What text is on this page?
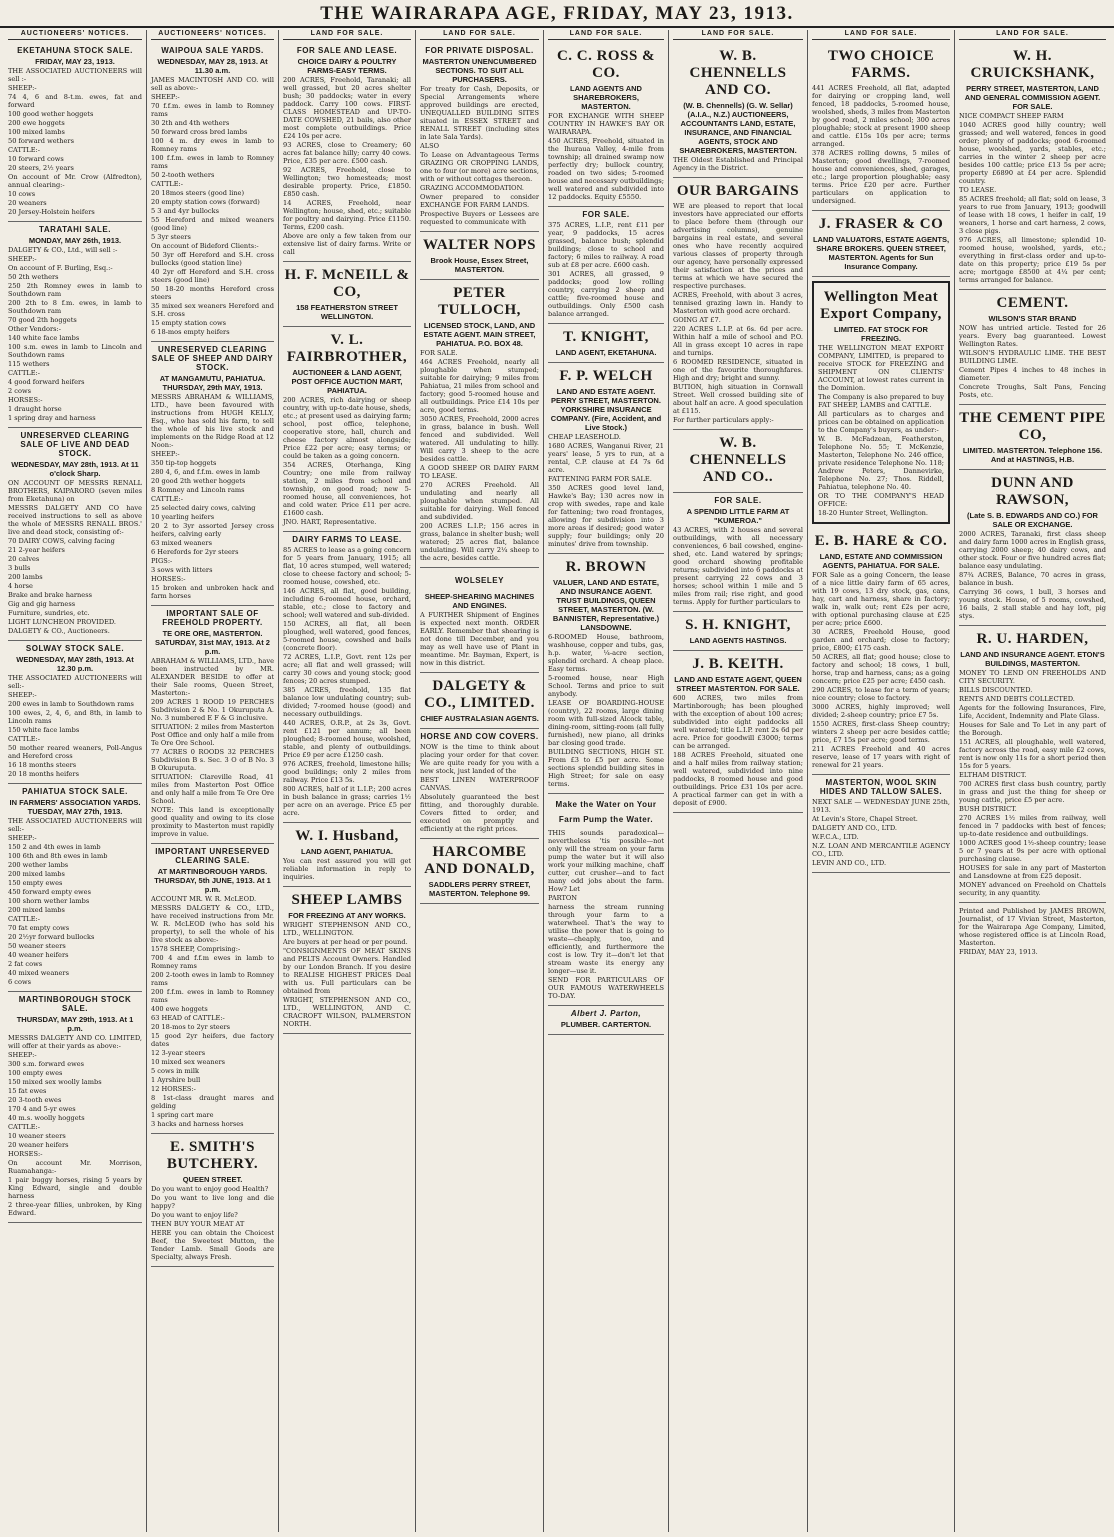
THE WAIRARAPA AGE, FRIDAY, MAY 23, 1913.
AUCTIONEERS' NOTICES.
EKETAHUNA STOCK SALE.
FRIDAY, MAY 23, 1913.

THE ASSOCIATED AUCTIONEERS will sell :-

SHEEP:-

74 4, 6 and 8-t.m. ewes, fat and forward

100 good wether hoggets

200 ewe hoggets

100 mixed lambs

50 forward wethers

CATTLE:-

10 forward cows

20 steers, 2½ years

On account of Mr. Crow (Alfredton), annual clearing:-

10 cows

20 weaners

20 Jersey-Holstein heifers

TARATAHI SALE.
MONDAY, MAY 26th, 1913.

DALGETY & CO., Ltd., will sell :-

SHEEP:-

On account of F. Burling, Esq.:-

50 2th wethers

250 2th Romney ewes in lamb to Southdown ram

200 2th to 8 f.m. ewes, in lamb to Southdown ram

70 good 2th hoggets

Other Vendors:-

140 white face lambs

100 s.m. ewes in lamb to Lincoln and Southdown rams

115 wethers

CATTLE:-

4 good forward heifers

2 cows

HORSES:-

1 draught horse

1 spring dray and harness

UNRESERVED CLEARING SALE OF LIVE AND DEAD STOCK.
WEDNESDAY, MAY 28th, 1913. At 11 o'clock Sharp.

ON ACCOUNT OF MESSRS RENALL BROTHERS, KAIPARORO (seven miles from Eketahuna) on

MESSRS DALGETY AND CO have received instructions to sell as above the whole of MESSRS RENALL BROS.' live and dead stock, consisting of:-

70 DAIRY COWS, calving facing

21 2-year heifers

20 calves

3 bulls

200 lambs

4 horse

Brake and brake harness

Gig and gig harness

Furniture, sundries, etc.

LIGHT LUNCHEON PROVIDED.

DALGETY & CO., Auctioneers.

SOLWAY STOCK SALE.
WEDNESDAY, MAY 28th, 1913. At 12.30 p.m.

THE ASSOCIATED AUCTIONEERS will sell:-

SHEEP:-

200 ewes in lamb to Southdown rams

100 ewes, 2, 4, 6, and 8th, in lamb to Lincoln rams

150 white face lambs

CATTLE:-

50 mother reared weaners, Poll-Angus and Hereford cross

16 18 months steers

20 18 months heifers

PAHIATUA STOCK SALE.
IN FARMERS' ASSOCIATION YARDS. TUESDAY, MAY 27th, 1913.

THE ASSOCIATED AUCTIONEERS will sell:-

SHEEP:-

150 2 and 4th ewes in lamb

100 6th and 8th ewes in lamb

200 wether lambs

200 mixed lambs

150 empty ewes

450 forward empty ewes

100 shorn wether lambs

200 mixed lambs

CATTLE:-

70 fat empty cows

20 2½yr forward bullocks

50 weaner steers

40 weaner heifers

2 fat cows

40 mixed weaners

6 cows

MARTINBOROUGH STOCK SALE.
THURSDAY, MAY 29th, 1913. At 1 p.m.

MESSRS DALGETY AND CO. LIMITED, will offer at their yards as above:-

SHEEP:-

300 s.m. forward ewes

100 empty ewes

150 mixed sex woolly lambs

15 fat ewes

20 3-tooth ewes

170 4 and 5-yr ewes

40 m.s. woolly hoggets

CATTLE:-

10 weaner steers

20 weaner heifers

HORSES:-

On account Mr. Morrison, Ruamahanga:-

1 pair buggy horses, rising 5 years by King Edward, single and double harness

2 three-year fillies, unbroken, by King Edward.

AUCTIONEERS' NOTICES.
WAIPOUA SALE YARDS.
WEDNESDAY, MAY 28, 1913. At 11.30 a.m.

JAMES MACINTOSH AND CO. will sell as above:-

SHEEP:-

70 f.f.m. ewes in lamb to Romney rams

30 2th and 4th wethers

50 forward cross bred lambs

100 4 m. dry ewes in lamb to Romney rams

100 f.f.m. ewes in lamb to Romney rams

50 2-tooth wethers

CATTLE:-

20 18mos steers (good line)

20 empty station cows (forward)

5 3 and 4yr bullocks

55 Hereford and mixed weaners (good line)

5 3yr steers

On account of Bideford Clients:-

50 3yr off Hereford and S.H. cross bullocks (good station line)

40 2yr off Hereford and S.H. cross steers (good line)

50 18-20 months Hereford cross steers

35 mixed sex weaners Hereford and S.H. cross

15 empty station cows

6 18-mos empty heifers

UNRESERVED CLEARING SALE OF SHEEP AND DAIRY STOCK.
AT MANGAMUTU, PAHIATUA. THURSDAY, 29th MAY, 1913.

MESSRS ABRAHAM & WILLIAMS, LTD., have been favoured with instructions from HUGH KELLY, Esq., who has sold his farm, to sell the whole of his live stock and implements on the Ridge Road at 12 Noon:-

SHEEP:-

350 tip-top hoggets

280 4, 6, and f.f.m. ewes in lamb

20 good 2th wether hoggets

8 Romney and Lincoln rams

CATTLE:-

25 selected dairy cows, calving

10 yearling heifers

20 2 to 3yr assorted Jersey cross heifers, calving early

63 mixed weaners

6 Herefords for 2yr steers

PIGS:-

3 sows with litters

HORSES:-

15 broken and unbroken hack and farm horses

IMPORTANT SALE OF FREEHOLD PROPERTY.
TE ORE ORE, MASTERTON. SATURDAY, 31st MAY, 1913. At 2 p.m.

ABRAHAM & WILLIAMS, LTD., have been instructed by MR. ALEXANDER BESIDE to offer at their Sale rooms, Queen Street, Masterton:-

209 ACRES 1 ROOD 19 PERCHES Subdivision 2 & No. 1 Okuruputa A. No. 3 numbered E F & G inclusive.

SITUATION: 2 miles from Masterton Post Office and only half a mile from Te Ore Ore School.

77 ACRES 0 ROODS 32 PERCHES Subdivision B s. Sec. 3 O of B No. 3 B Okuruputa.

SITUATION: Clareville Road, 41 miles from Masterton Post Office and only half a mile from Te Ore Ore School.

NOTE: This land is exceptionally good quality and owing to its close proximity to Masterton must rapidly improve in value.

IMPORTANT UNRESERVED CLEARING SALE.
AT MARTINBOROUGH YARDS. THURSDAY, 5th JUNE, 1913. At 1 p.m.

ACCOUNT MR. W. R. McLEOD.

MESSRS DALGETY & CO., LTD., have received instructions from Mr. W. R. McLEOD (who has sold his property), to sell the whole of his live stock as above:-

1578 SHEEP, Comprising:-

700 4 and f.f.m ewes in lamb to Romney rams

200 2-tooth ewes in lamb to Romney rams

200 f.f.m. ewes in lamb to Romney rams

400 ewe hoggets

63 HEAD of CATTLE:-

20 18-mos to 2yr steers

15 good 2yr heifers, due factory dates

12 3-year steers

10 mixed sex weaners

5 cows in milk

1 Ayrshire bull

12 HORSES:-

8 1st-class draught mares and gelding

1 spring cart mare

3 hacks and harness horses

E. SMITH'S BUTCHERY.
QUEEN STREET.

Do you want to enjoy good Health?

Do you want to live long and die happy?

Do you want to enjoy life?

THEN BUY YOUR MEAT AT

HERE you can obtain the Choicest Beef, the Sweetest Mutton, the Tender Lamb. Small Goods are Specialty, always Fresh.

LAND FOR SALE.
FOR SALE AND LEASE.
CHOICE DAIRY & POULTRY FARMS-EASY TERMS.

200 ACRES, Freehold, Taranaki; all well grassed, but 20 acres shelter bush; 30 paddocks; water in every paddock. Carry 100 cows. FIRST-CLASS HOMESTEAD and UP-TO-DATE COWSHED, 21 bails, also other most complete outbuildings. Price £24 10s per acre.

93 ACRES, close to Creamery; 60 acres fat balance hilly; carry 40 cows. Price, £35 per acre. £500 cash.

92 ACRES, Freehold, close to Wellington; two homesteads; most desirable property. Price, £1850. £850 cash.

14 ACRES, Freehold, near Wellington; house, shed, etc.; suitable for poultry and dairying. Price £1150. Terms, £200 cash.

Above are only a few taken from our extensive list of dairy farms. Write or call

H. F. McNEILL & CO,
158 FEATHERSTON STREET WELLINGTON.
V. L. FAIRBROTHER,
AUCTIONEER & LAND AGENT, POST OFFICE AUCTION MART, PAHIATUA.

200 ACRES, rich dairying or sheep country, with up-to-date house, sheds, etc.; at present used as dairying farm; school, post office, telephone, cooperative store, hall, church and cheese factory almost alongside; Price £22 per acre; easy terms; or could be taken as a going concern.

354 ACRES, Oterhanga, King Country; one mile from railway station, 2 miles from school and township, on good road; new 5-roomed house, all conveniences, hot and cold water. Price £11 per acre. £1600 cash.

JNO. HART, Representative.

DAIRY FARMS TO LEASE.

85 ACRES to lease as a going concern for 5 years from January, 1915; all flat, 10 acres stumped, well watered; close to cheese factory and school; 5-roomed house, cowshed, etc.

146 ACRES, all flat, good building, including 6-roomed house, orchard, stable, etc.; close to factory and school; well watered and sub-divided.

150 ACRES, all flat, all been ploughed, well watered, good fences, 5-roomed house, cowshed and bails (concrete floor).

72 ACRES, L.I.P., Govt. rent 12s per acre; all flat and well grassed; will carry 30 cows and young stock; good fences; 20 acres stumped.

385 ACRES, freehold, 135 flat balance low undulating country; sub-divided; 7-roomed house (good) and necessary outbuildings.

440 ACRES, O.R.P., at 2s 3s, Govt. rent £121 per annum; all been ploughed; 8-roomed house, woolshed, stable, and plenty of outbuildings. Price £9 per acre £1250 cash.

976 ACRES, freehold, limestone hills; good buildings; only 2 miles from railway. Price £13 5s.

800 ACRES, half of it L.I.P.; 200 acres in bush balance in grass; carries 1½ per acre on an average. Price £5 per acre.

W. I. Husband,
LAND AGENT, PAHIATUA.

You can rest assured you will get reliable information in reply to inquiries.

SHEEP LAMBS
FOR FREEZING AT ANY WORKS.

WRIGHT STEPHENSON AND CO., LTD., WELLINGTON.

Are buyers at per head or per pound.

"CONSIGNMENTS OF MEAT SKINS and PELTS Account Owners. Handled by our London Branch. If you desire to REALISE HIGHEST PRICES Deal with us. Full particulars can be obtained from

WRIGHT, STEPHENSON AND CO., LTD., WELLINGTON, AND C. CRACROFT WILSON, PALMERSTON NORTH.

LAND FOR SALE.
FOR PRIVATE DISPOSAL.
MASTERTON UNENCUMBERED SECTIONS. TO SUIT ALL PURCHASERS.

For treaty for Cash, Deposits, or Special Arrangements where approved buildings are erected, UNEQUALLED BUILDING SITES situated in ESSEX STREET and RENALL STREET (including sites in late Sala Yards).

ALSO

To Lease on Advantageous Terms GRAZING OR CROPPING LANDS, one to four (or more) acre sections, with or without cottages thereon.

GRAZING ACCOMMODATION.

Owner prepared to consider EXCHANGE FOR FARM LANDS.

Prospective Buyers or Lessees are requested to communicate with

WALTER NOPS
Brook House, Essex Street, MASTERTON.
PETER TULLOCH,
LICENSED STOCK, LAND, AND ESTATE AGENT. MAIN STREET, PAHIATUA. P.O. BOX 48.

FOR SALE.

464 ACRES Freehold, nearly all ploughable when stumped; suitable for dairying; 9 miles from Pahiatua, 21 miles from school and factory; good 5-roomed house and all outbuildings. Price £14 10s per acre, good terms.

3050 ACRES, Freehold, 2000 acres in grass, balance in bush. Well fenced and subdivided. Well watered. All undulating to hilly. Will carry 3 sheep to the acre besides cattle.

A GOOD SHEEP OR DAIRY FARM TO LEASE.

270 ACRES Freehold. All undulating and nearly all ploughable when stumped. All suitable for dairying. Well fenced and subdivided.

200 ACRES L.I.P.; 156 acres in grass, balance in shelter bush; well watered; 25 acres flat, balance undulating. Will carry 2¼ sheep to the acre, besides cattle.

WOLSELEY
SHEEP-SHEARING MACHINES AND ENGINES.

A FURTHER Shipment of Engines is expected next month. ORDER EARLY. Remember that shearing is not done till December, and you may as well have use of Plant in meantime. Mr. Bayman, Expert, is now in this district.

DALGETY & CO., LIMITED.
CHIEF AUSTRALASIAN AGENTS.
HORSE AND COW COVERS.

NOW is the time to think about placing your order for that cover. We are quite ready for you with a new stock, just landed of the

BEST LINEN WATERPROOF CANVAS.

Absolutely guaranteed the best fitting, and thoroughly durable. Covers fitted to order, and executed on promptly and efficiently at the right prices.

HARCOMBE AND DONALD,
SADDLERS PERRY STREET, MASTERTON. Telephone 99.
LAND FOR SALE.
C. C. ROSS & CO.
LAND AGENTS AND SHAREBROKERS, MASTERTON.

FOR EXCHANGE WITH SHEEP COUNTRY IN HAWKE'S BAY OR WAIRARAPA.

450 ACRES, Freehold, situated in the Ihuraua Valley, 4-mile from township; all drained swamp now perfectly dry; bullock country, roaded on two sides; 5-roomed house and necessary outbuildings; well watered and subdivided into 12 paddocks. Equity £5550.

FOR SALE.

375 ACRES, L.I.P., rent £11 per year, 9 paddocks, 15 acres grassed, balance bush; splendid buildings; close to school and factory; 6 miles to railway. A road sub at £8 per acre. £600 cash.

301 ACRES, all grassed, 9 paddocks; good low rolling country, carrying 2 sheep and cattle; five-roomed house and outbuildings. Only £500 cash balance arranged.

T. KNIGHT,
LAND AGENT, EKETAHUNA.
F. P. WELCH
LAND AND ESTATE AGENT. PERRY STREET, MASTERTON. YORKSHIRE INSURANCE COMPANY. (Fire, Accident, and Live Stock.)

CHEAP LEASEHOLD.

1680 ACRES, Wanganui River, 21 years' lease, 5 yrs to run, at a rental, C.P. clause at £4 7s 6d acre.

FATTENING FARM FOR SALE.

350 ACRES good level land, Hawke's Bay; 130 acres now in crop with swedes, rape and kale for fattening; two road frontages, allowing for subdivision into 3 more areas if desired; good water supply; four buildings; only 20 minutes' drive from township.

R. BROWN
VALUER, LAND AND ESTATE, AND INSURANCE AGENT. TRUST BUILDINGS, QUEEN STREET, MASTERTON. (W. BANNISTER, Representative.) LANSDOWNE.

6-ROOMED House, bathroom, washhouse, copper and tubs, gas, h.p. water, ¼-acre section, splendid orchard. A cheap place. Easy terms.

5-roomed house, near High School. Terms and price to suit anybody.

LEASE OF BOARDING-HOUSE (country), 22 rooms, large dining room with full-sized Alcock table, dining-room, sitting-room (all fully furnished), new piano, all drinks bar closing good trade.

BUILDING SECTIONS, HIGH ST. From £3 to £5 per acre. Some sections splendid building sites in High Street; for sale on easy terms.

Make the Water on Your Farm Pump the Water.

THIS sounds paradoxical—nevertheless 'tis possible—not only will the stream on your farm pump the water but it will also work your milking machine, chaff cutter, cut crusher—and to fact many odd jobs about the farm. How? Let

PARTON

harness the stream running through your farm to a waterwheel. That's the way to utilise the power that is going to waste—cheaply, too, and efficiently, and furthermore the cost is low. Try it—don't let that stream waste its energy any longer—use it.

SEND FOR PARTICULARS OF OUR FAMOUS WATERWHEELS TO-DAY.

Albert J. Parton,
PLUMBER. CARTERTON.
LAND FOR SALE.
W. B. CHENNELLS AND CO.
(W. B. Chennells) (G. W. Sellar) (A.I.A., N.Z.) AUCTIONEERS, ACCOUNTANTS LAND, ESTATE, INSURANCE, AND FINANCIAL AGENTS, STOCK AND SHAREBROKERS, MASTERTON.

THE Oldest Established and Principal Agency in the District.

OUR BARGAINS

WE are pleased to report that local investors have appreciated our efforts to place before them (through our advertising columns), genuine bargains in real estate, and several ones who have recently acquired various classes of property through our agency, have personally expressed their satisfaction at the prices and terms at which we have secured the respective purchases.

ACRES, Freehold, with about 3 acres, tennised grazing lawn in. Handy to Masterton with good acre orchard.

GOING AT £7.

220 ACRES L.I.P. at 6s. 6d per acre. Within half a mile of school and P.O. All in grass except 10 acres in rape and turnips.

6 ROOMED RESIDENCE, situated in one of the favourite thoroughfares. High and dry; bright and sunny.

BUTION, high situation in Cornwall Street. Well crossed building site of about half an acre. A good speculation at £115.

For further particulars apply:-

W. B. CHENNELLS AND CO..
FOR SALE.
A SPENDID LITTLE FARM AT "KUMEROA."

43 ACRES, with 2 houses and several outbuildings, with all necessary conveniences, 6 bail cowshed, engine-shed, etc. Land watered by springs; good orchard showing profitable returns; subdivided into 6 paddocks at present carrying 22 cows and 3 horses; school within 1 mile and 5 miles from rail; rise right, and good terms. Apply for further particulars to

S. H. KNIGHT,
LAND AGENTS HASTINGS.
J. B. KEITH.
LAND AND ESTATE AGENT, QUEEN STREET MASTERTON. FOR SALE.

600 ACRES, two miles from Martinborough; has been ploughed with the exception of about 100 acres; subdivided into eight paddocks all well watered; title L.I.P. rent 2s 6d per acre. Price for goodwill £3000; terms can be arranged.

188 ACRES Freehold, situated one and a half miles from railway station; well watered, subdivided into nine paddocks, 8 roomed house and good outbuildings. Price £31 10s per acre. A practical farmer can get in with a deposit of £900.

LAND FOR SALE.
TWO CHOICE FARMS.

441 ACRES Freehold, all flat, adapted for dairying or cropping land, well fenced, 18 paddocks, 5-roomed house, woolshed, sheds, 3 miles from Masterton by good road, 2 miles school; 300 acres ploughable; stock at present 1900 sheep and cattle. £15s 10s per acre; terms arranged.

378 ACRES rolling downs, 5 miles of Masterton; good dwellings, 7-roomed house and conveniences, shed, garages, etc.; large proportion ploughable; easy terms. Price £20 per acre. Further particulars on application to undersigned.

J. FRASER & CO
LAND VALUATORS, ESTATE AGENTS, SHARE BROKERS. QUEEN STREET, MASTERTON. Agents for Sun Insurance Company.
Wellington Meat Export Company,
LIMITED. FAT STOCK FOR FREEZING.

THE WELLINGTON MEAT EXPORT COMPANY, LIMITED, is prepared to receive STOCK for FREEZING and SHIPMENT ON CLIENTS' ACCOUNT, at lowest rates current in the Dominion.

The Company is also prepared to buy FAT SHEEP, LAMBS and CATTLE.

All particulars as to charges and prices can be obtained on application to the Company's buyers, as under:-

W. B. McFadzean, Featherston, Telephone No. 55; T. McKenzie, Masterton, Telephone No. 246 office, private residence Telephone No. 118; Andrew Peters, Dannevirke, Telephone No. 27; Thos. Riddell, Pahiatua, telephone No. 40.

OR TO THE COMPANY'S HEAD OFFICE:

18-20 Hunter Street, Wellington.

E. B. HARE & CO.
LAND, ESTATE AND COMMISSION AGENTS, PAHIATUA. FOR SALE.

FOR Sale as a going Concern, the lease of a nice little dairy farm of 65 acres, with 19 cows, 13 dry stock, gas, cans, hay, cart and harness, share in factory; walk in, walk out; rent £2s per acre, with optional purchasing clause at £25 per acre; price £600.

30 ACRES, Freehold House, good garden and orchard; close to factory; price, £800; £175 cash.

50 ACRES, all flat; good house; close to factory and school; 18 cows, 1 bull, horse, trap and harness, cans; as a going concern; price £25 per acre; £450 cash.

290 ACRES, to lease for a term of years; nice country; close to factory.

3000 ACRES, highly improved; well divided; 2-sheep country; price £7 5s.

1550 ACRES, first-class Sheep country; winters 2 sheep per acre besides cattle; price, £7 15s per acre; good terms.

211 ACRES Freehold and 40 acres reserve, lease of 17 years with right of renewal for 21 years.

MASTERTON, WOOL SKIN HIDES AND TALLOW SALES.

NEXT SALE — WEDNESDAY JUNE 25th, 1913.

At Levin's Store, Chapel Street.

DALGETY AND CO., LTD.

W.F.C.A., LTD.

N.Z. LOAN AND MERCANTILE AGENCY CO., LTD.

LEVIN AND CO., LTD.

LAND FOR SALE.
W. H. CRUICKSHANK,
PERRY STREET, MASTERTON, LAND AND GENERAL COMMISSION AGENT. FOR SALE.

NICE COMPACT SHEEP FARM

1040 ACRES good hilly country; well grassed; and well watered, fences in good order; plenty of paddocks; good 6-roomed house, woolshed, yards, stables, etc.; carries in the winter 2 sheep per acre besides 100 cattle; price £13 5s per acre; property £6890 at £4 per acre. Splendid country.

TO LEASE.

85 ACRES freehold; all flat; sold on lease, 3 years to rue from January, 1913; goodwill of lease with 18 cows, 1 heifer in calf, 19 weaners, 1 horse and cart harness, 2 cows, 3 close pigs.

976 ACRES, all limestone; splendid 10-roomed house, woolshed, yards, etc.; everything in first-class order and up-to-date on this property; price £19 5s per acre; mortgage £8500 at 4¼ per cent; terms arranged for balance.

CEMENT.
WILSON'S STAR BRAND

NOW has untried article. Tested for 26 years. Every bag guaranteed. Lowest Wellington Rates.

WILSON'S HYDRAULIC LIME. THE BEST BUILDING LIME.

Cement Pipes 4 inches to 48 inches in diameter.

Concrete Troughs, Salt Pans, Fencing Posts, etc.

THE CEMENT PIPE CO,
LIMITED. MASTERTON. Telephone 156. And at HASTINGS, H.B.
DUNN AND RAWSON,
(Late S. B. EDWARDS AND CO.) FOR SALE OR EXCHANGE.

2000 ACRES, Taranaki, first class sheep and dairy farm 1000 acres in English grass, carrying 2000 sheep; 40 dairy cows, and other stock. Four or five hundred acres flat; balance easy undulating.

87¾ ACRES, Balance, 70 acres in grass, balance in bush.

Carrying 36 cows, 1 bull, 3 horses and young stock. House, of 5 rooms, cowshed, 16 bails, 2 stall stable and hay loft, pig stys.

R. U. HARDEN,
LAND AND INSURANCE AGENT. ETON'S BUILDINGS, MASTERTON.

MONEY TO LEND ON FREEHOLDS AND CITY SECURITY.

BILLS DISCOUNTED.

RENTS AND DEBTS COLLECTED.

Agents for the following Insurances, Fire, Life, Accident, Indemnity and Plate Glass.

Houses for Sale and To Let in any part of the Borough.

151 ACRES, all ploughable, well watered, factory across the road, easy mile £2 cows, rent is now only 11s for a short period then 15s for 5 years.

ELTHAM DISTRICT.

700 ACRES first class bush country, partly in grass and just the thing for sheep or young cattle, price £5 per acre.

BUSH DISTRICT.

270 ACRES 1½ miles from railway, well fenced in 7 paddocks with best of fences; up-to-date residence and outbuildings.

1000 ACRES good 1½-sheep country; lease 5 or 7 years at 9s per acre with optional purchasing clause.

HOUSES for sale in any part of Masterton and Lansdowne at from £25 deposit.

MONEY advanced on Freehold on Chattels security, in any quantity.

Printed and Published by JAMES BROWN, Journalist, of 17 Vivian Street, Masterton, for the Wairarapa Age Company, Limited, whose registered office is at Lincoln Road, Masterton.

FRIDAY, MAY 23, 1913.
